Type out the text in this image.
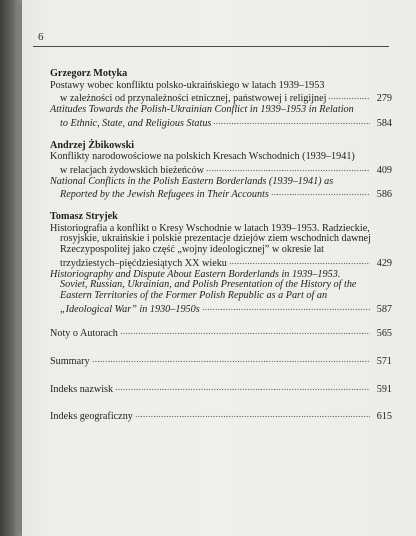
6
Grzegorz Motyka
Postawy wobec konfliktu polsko-ukraińskiego w latach 1939–1953
w zależności od przynależności etnicznej, państwowej i religijnej	279
Attitudes Towards the Polish-Ukrainian Conflict in 1939–1953 in Relation
to Ethnic, State, and Religious Status	584
Andrzej Żbikowski
Konflikty narodowościowe na polskich Kresach Wschodnich (1939–1941)
w relacjach żydowskich bieżeńców	409
National Conflicts in the Polish Eastern Borderlands (1939–1941) as
Reported by the Jewish Refugees in Their Accounts	586
Tomasz Stryjek
Historiografia a konflikt o Kresy Wschodnie w latach 1939–1953. Radzieckie,
rosyjskie, ukraińskie i polskie prezentacje dziejów ziem wschodnich dawnej
Rzeczypospolitej jako część „wojny ideologicznej” w okresie lat
trzydziestych–pięćdziesiątych XX wieku	429
Historiography and Dispute About Eastern Borderlands in 1939–1953.
Soviet, Russian, Ukrainian, and Polish Presentation of the History of the
Eastern Territories of the Former Polish Republic as a Part of an
„Ideological War” in 1930–1950s	587
Noty o Autorach	565
Summary	571
Indeks nazwisk	591
Indeks geograficzny	615
